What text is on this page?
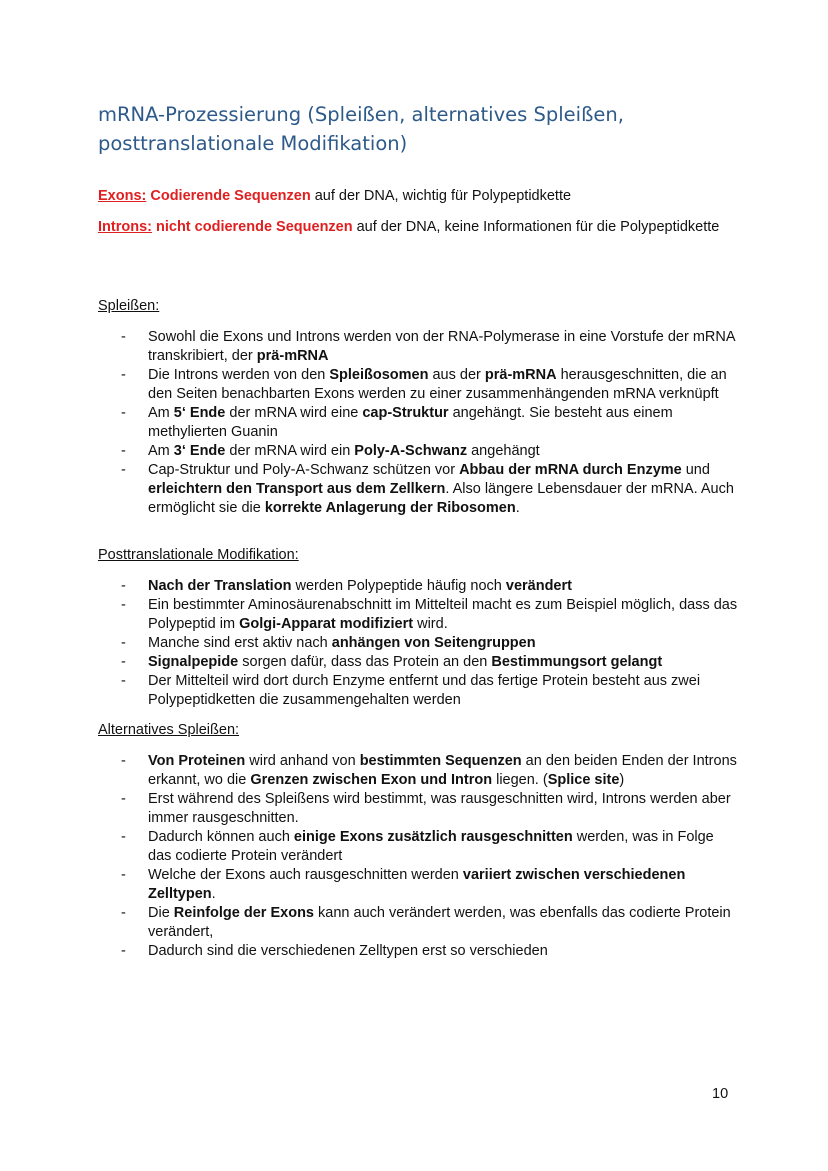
mRNA-Prozessierung (Spleißen, alternatives Spleißen, posttranslationale Modifikation)

Exons: Codierende Sequenzen auf der DNA, wichtig für Polypeptidkette

Introns: nicht codierende Sequenzen auf der DNA, keine Informationen für die Polypeptidkette

Spleißen:

- Sowohl die Exons und Introns werden von der RNA-Polymerase in eine Vorstufe der mRNA transkribiert, der prä-mRNA
- Die Introns werden von den Spleißosomen aus der prä-mRNA herausgeschnitten, die an den Seiten benachbarten Exons werden zu einer zusammenhängenden mRNA verknüpft
- Am 5‘ Ende der mRNA wird eine cap-Struktur angehängt. Sie besteht aus einem methylierten Guanin
- Am 3‘ Ende der mRNA wird ein Poly-A-Schwanz angehängt
- Cap-Struktur und Poly-A-Schwanz schützen vor Abbau der mRNA durch Enzyme und erleichtern den Transport aus dem Zellkern. Also längere Lebensdauer der mRNA. Auch ermöglicht sie die korrekte Anlagerung der Ribosomen.

Posttranslationale Modifikation:

- Nach der Translation werden Polypeptide häufig noch verändert
- Ein bestimmter Aminosäurenabschnitt im Mittelteil macht es zum Beispiel möglich, dass das Polypeptid im Golgi-Apparat modifiziert wird.
- Manche sind erst aktiv nach anhängen von Seitengruppen
- Signalpepide sorgen dafür, dass das Protein an den Bestimmungsort gelangt
- Der Mittelteil wird dort durch Enzyme entfernt und das fertige Protein besteht aus zwei Polypeptidketten die zusammengehalten werden

Alternatives Spleißen:

- Von Proteinen wird anhand von bestimmten Sequenzen an den beiden Enden der Introns erkannt, wo die Grenzen zwischen Exon und Intron liegen. (Splice site)
- Erst während des Spleißens wird bestimmt, was rausgeschnitten wird, Introns werden aber immer rausgeschnitten.
- Dadurch können auch einige Exons zusätzlich rausgeschnitten werden, was in Folge das codierte Protein verändert
- Welche der Exons auch rausgeschnitten werden variiert zwischen verschiedenen Zelltypen.
- Die Reinfolge der Exons kann auch verändert werden, was ebenfalls das codierte Protein verändert,
- Dadurch sind die verschiedenen Zelltypen erst so verschieden
10
